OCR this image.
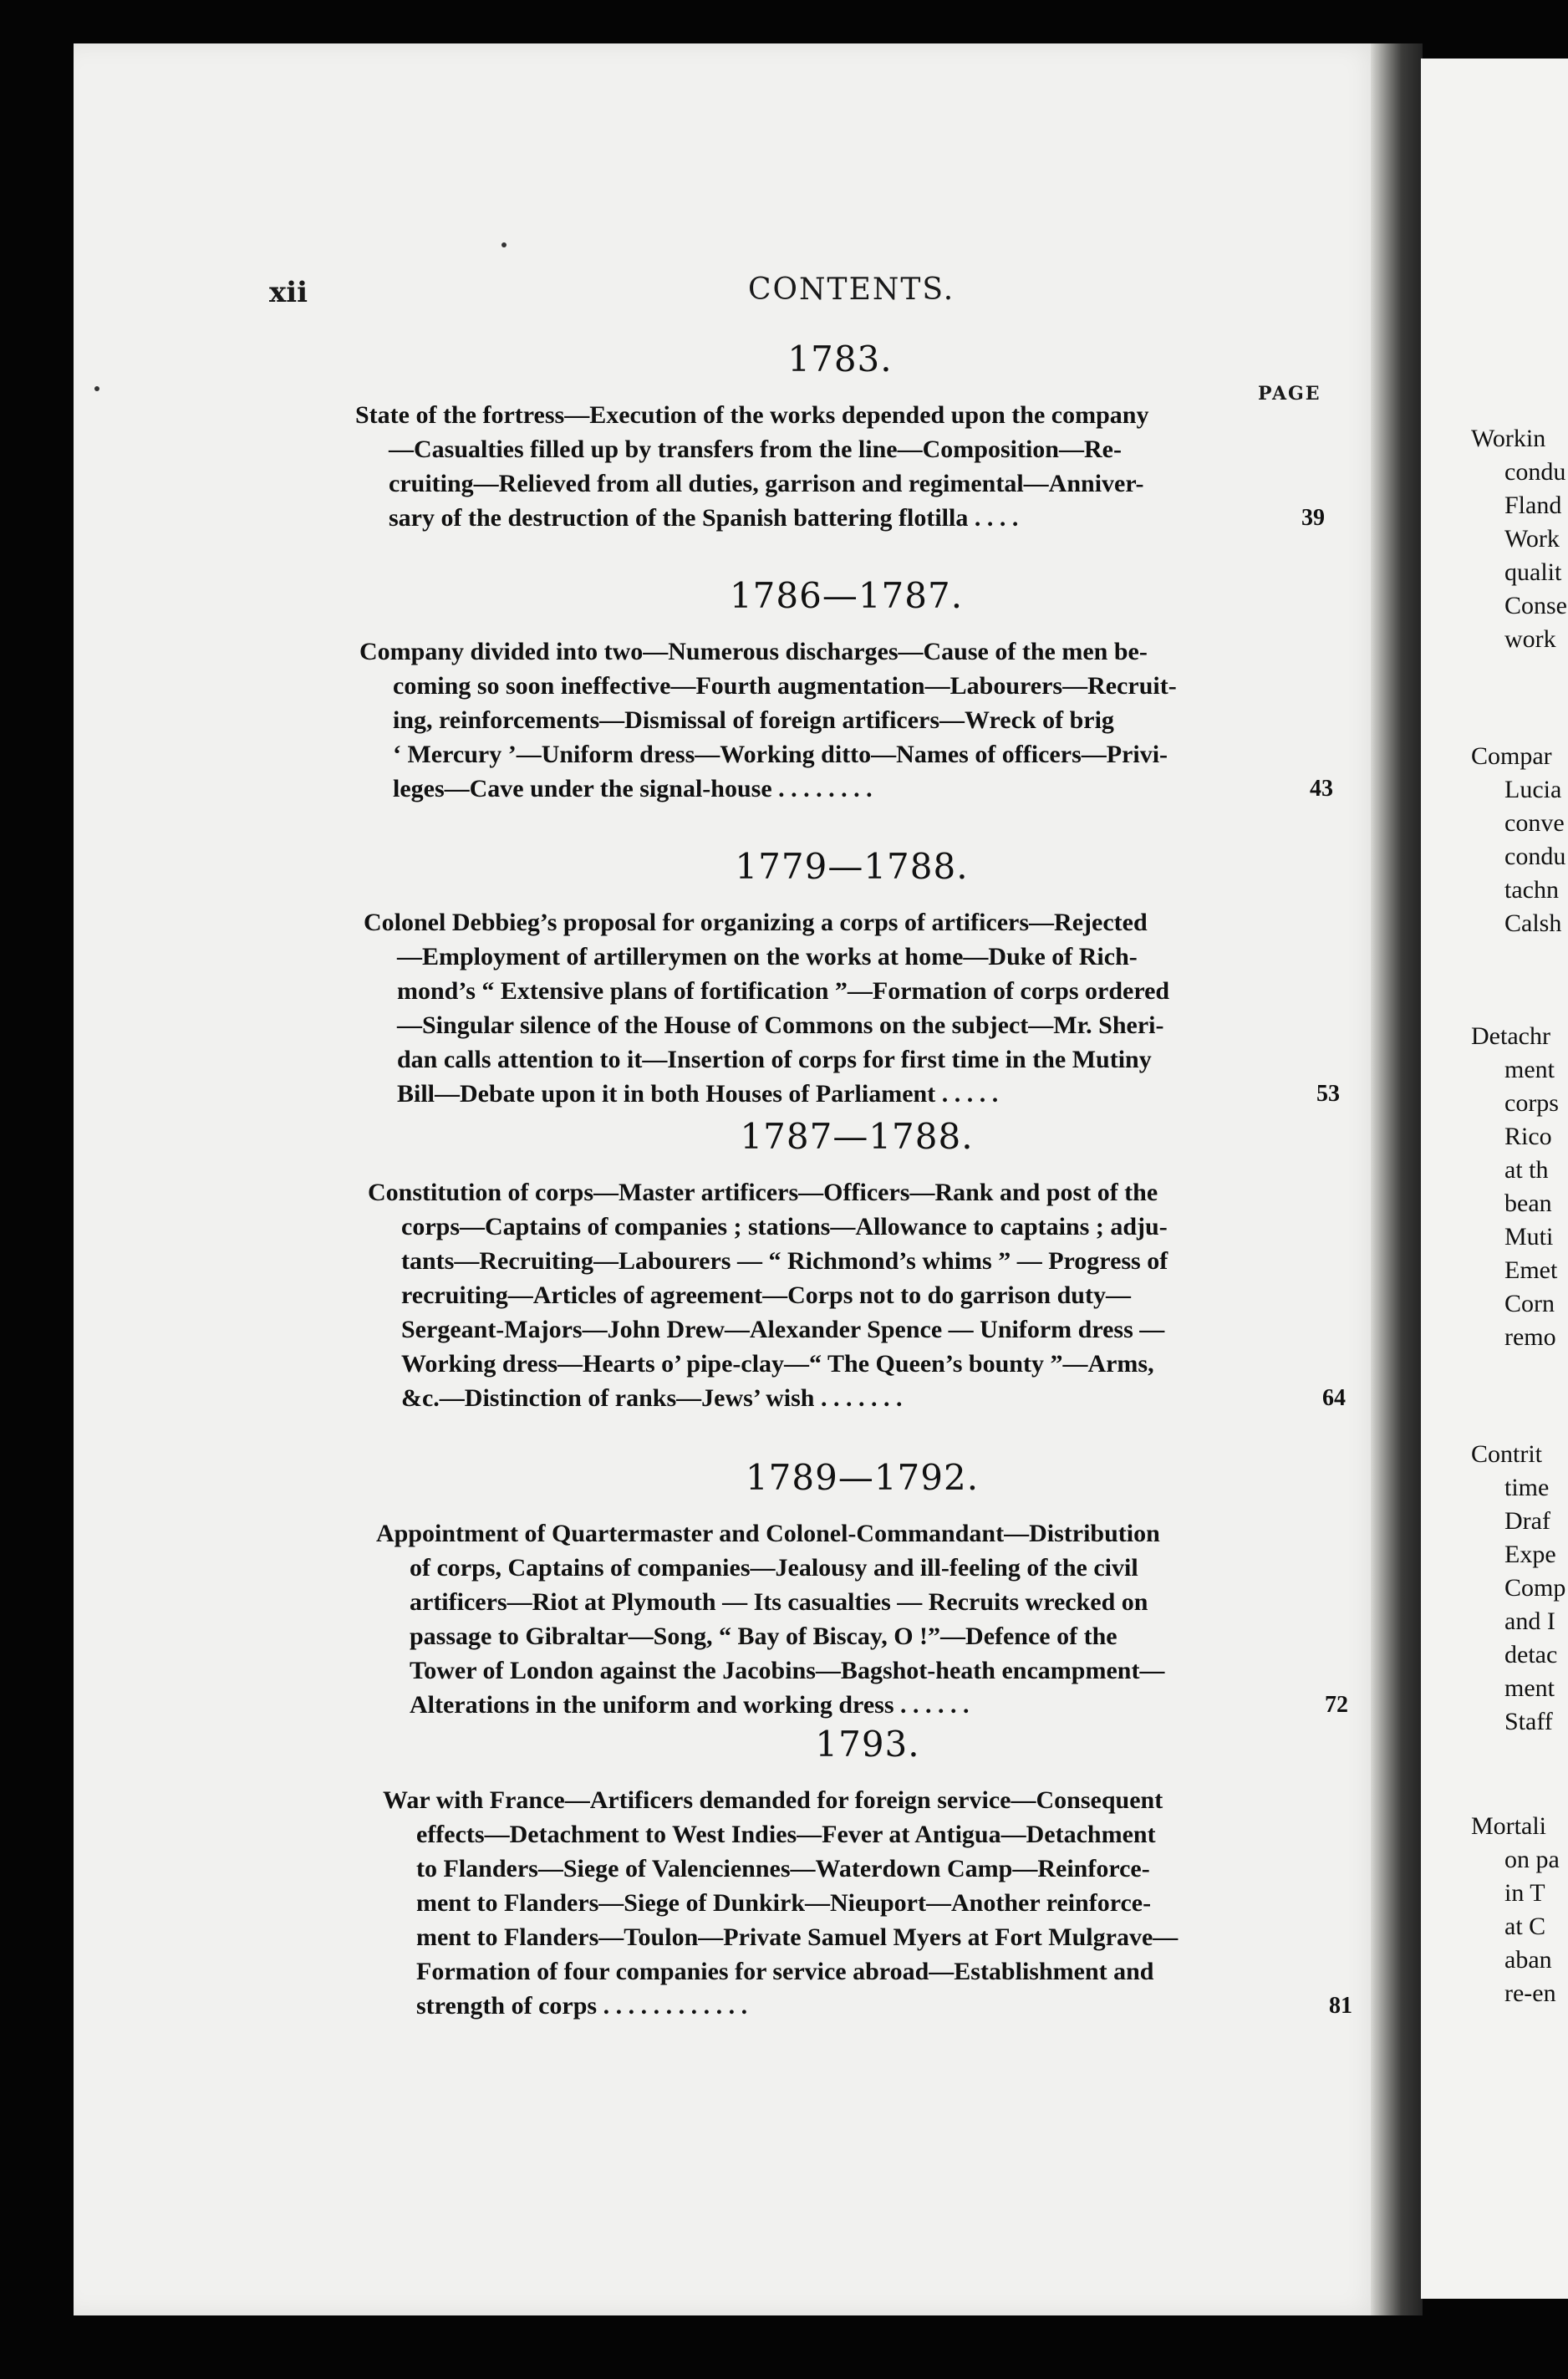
xii	CONTENTS.
PAGE
1783.
State of the fortress—Execution of the works depended upon the company
—Casualties filled up by transfers from the line—Composition—Re-
cruiting—Relieved from all duties, garrison and regimental—Anniver-
sary of the destruction of the Spanish battering flotilla . . . .	39
1786—1787.
Company divided into two—Numerous discharges—Cause of the men be-
coming so soon ineffective—Fourth augmentation—Labourers—Recruit-
ing, reinforcements—Dismissal of foreign artificers—Wreck of brig
‘ Mercury ’—Uniform dress—Working ditto—Names of officers—Privi-
leges—Cave under the signal-house . . . . . . . .	43
1779—1788.
Colonel Debbieg’s proposal for organizing a corps of artificers—Rejected
—Employment of artillerymen on the works at home—Duke of Rich-
mond’s “ Extensive plans of fortification ”—Formation of corps ordered
—Singular silence of the House of Commons on the subject—Mr. Sheri-
dan calls attention to it—Insertion of corps for first time in the Mutiny
Bill—Debate upon it in both Houses of Parliament . . . . .	53
1787—1788.
Constitution of corps—Master artificers—Officers—Rank and post of the
corps—Captains of companies ; stations—Allowance to captains ; adju-
tants—Recruiting—Labourers — “ Richmond’s whims ” — Progress of
recruiting—Articles of agreement—Corps not to do garrison duty—
Sergeant-Majors—John Drew—Alexander Spence — Uniform dress —
Working dress—Hearts o’ pipe-clay—“ The Queen’s bounty ”—Arms,
&c.—Distinction of ranks—Jews’ wish . . . . . . .	64
1789—1792.
Appointment of Quartermaster and Colonel-Commandant—Distribution
of corps, Captains of companies—Jealousy and ill-feeling of the civil
artificers—Riot at Plymouth — Its casualties — Recruits wrecked on
passage to Gibraltar—Song, “ Bay of Biscay, O !”—Defence of the
Tower of London against the Jacobins—Bagshot-heath encampment—
Alterations in the uniform and working dress . . . . . .	72
1793.
War with France—Artificers demanded for foreign service—Consequent
effects—Detachment to West Indies—Fever at Antigua—Detachment
to Flanders—Siege of Valenciennes—Waterdown Camp—Reinforce-
ment to Flanders—Siege of Dunkirk—Nieuport—Another reinforce-
ment to Flanders—Toulon—Private Samuel Myers at Fort Mulgrave—
Formation of four companies for service abroad—Establishment and
strength of corps . . . . . . . . . . . .	81
Workin
condu
Fland
Work
qualit
Conse
work
Compar
Lucia
conve
condu
tachn
Calsh
Detachr
ment
corps
Rico
at th
bean
Muti
Emet
Corn
remo
Contrit
time
Draf
Expe
Comp
and I
detac
ment
Staff
Mortali
on pa
in T
at C
aban
re-en
